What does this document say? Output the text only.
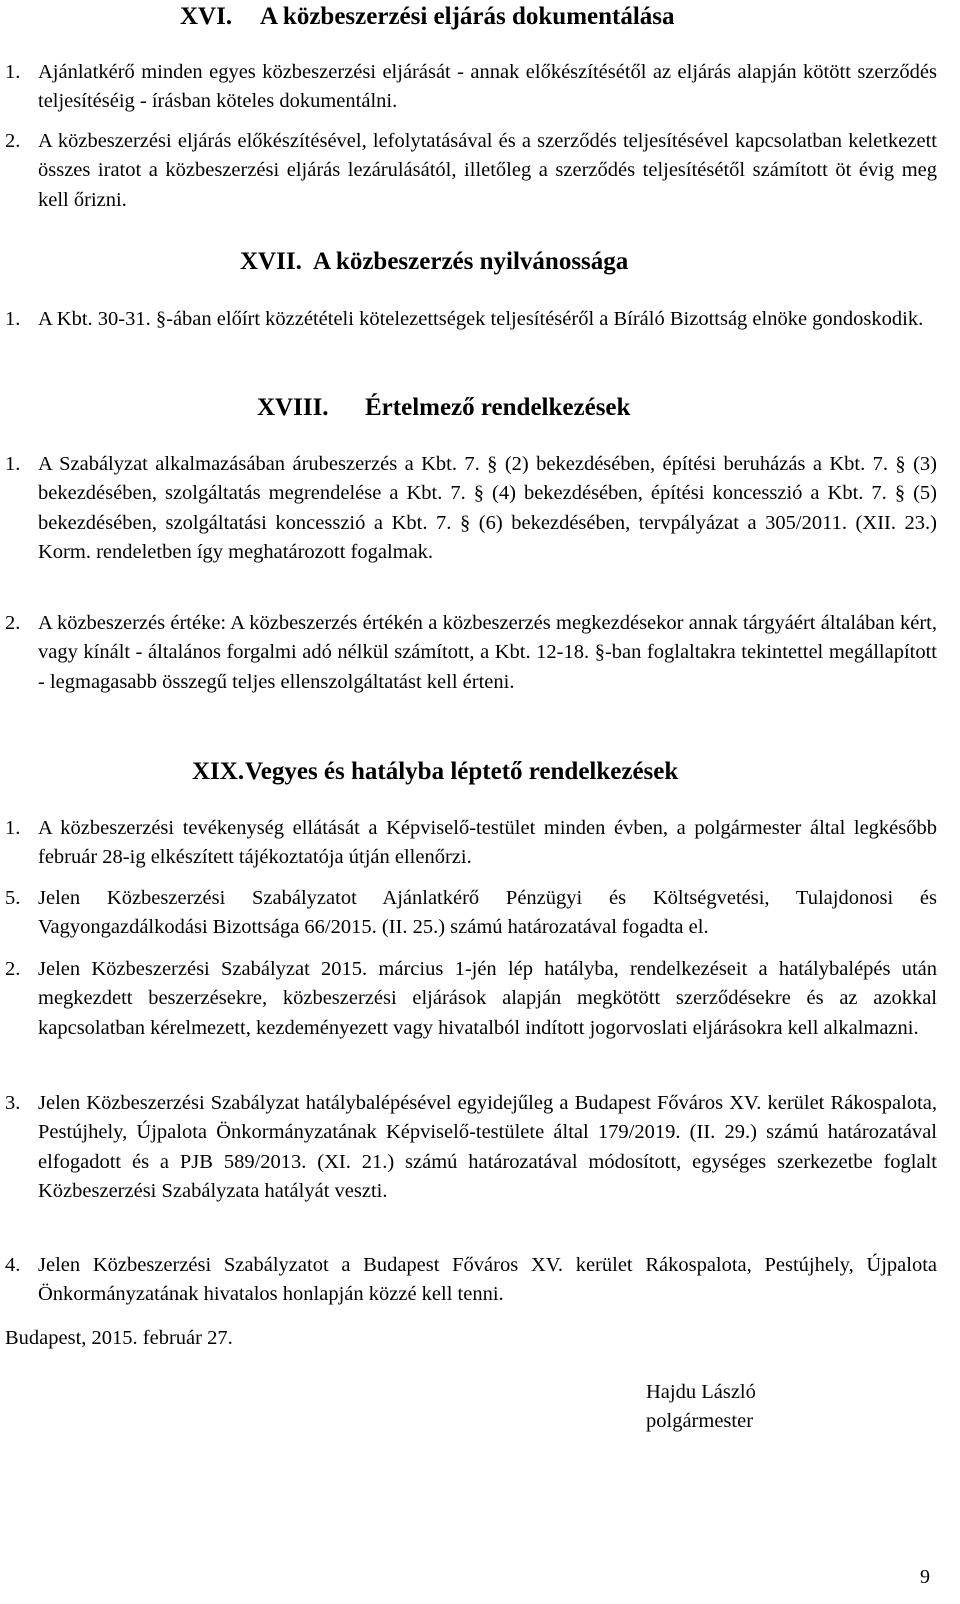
XVI. A közbeszerzési eljárás dokumentálása
1. Ajánlatkérő minden egyes közbeszerzési eljárását - annak előkészítésétől az eljárás alapján kötött szerződés teljesítéséig - írásban köteles dokumentálni.
2. A közbeszerzési eljárás előkészítésével, lefolytatásával és a szerződés teljesítésével kapcsolatban keletkezett összes iratot a közbeszerzési eljárás lezárulásától, illetőleg a szerződés teljesítésétől számított öt évig meg kell őrizni.
XVII. A közbeszerzés nyilvánossága
1. A Kbt. 30-31. §-ában előírt közzétételi kötelezettségek teljesítéséről a Bíráló Bizottság elnöke gondoskodik.
XVIII. Értelmező rendelkezések
1. A Szabályzat alkalmazásában árubeszerzés a Kbt. 7. § (2) bekezdésében, építési beruházás a Kbt. 7. § (3) bekezdésében, szolgáltatás megrendelése a Kbt. 7. § (4) bekezdésében, építési koncesszió a Kbt. 7. § (5) bekezdésében, szolgáltatási koncesszió a Kbt. 7. § (6) bekezdésében, tervpályázat a 305/2011. (XII. 23.) Korm. rendeletben így meghatározott fogalmak.
2. A közbeszerzés értéke: A közbeszerzés értékén a közbeszerzés megkezdésekor annak tárgyáért általában kért, vagy kínált - általános forgalmi adó nélkül számított, a Kbt. 12-18. §-ban foglaltakra tekintettel megállapított - legmagasabb összegű teljes ellenszolgáltatást kell érteni.
XIX.Vegyes és hatályba léptető rendelkezések
1. A közbeszerzési tevékenység ellátását a Képviselő-testület minden évben, a polgármester által legkésőbb február 28-ig elkészített tájékoztatója útján ellenőrzi.
5. Jelen Közbeszerzési Szabályzatot Ajánlatkérő Pénzügyi és Költségvetési, Tulajdonosi és Vagyongazdálkodási Bizottsága 66/2015. (II. 25.) számú határozatával fogadta el.
2. Jelen Közbeszerzési Szabályzat 2015. március 1-jén lép hatályba, rendelkezéseit a hatálybalépés után megkezdett beszerzésekre, közbeszerzési eljárások alapján megkötött szerződésekre és az azokkal kapcsolatban kérelmezett, kezdeményezett vagy hivatalból indított jogorvoslati eljárásokra kell alkalmazni.
3. Jelen Közbeszerzési Szabályzat hatálybalépésével egyidejűleg a Budapest Főváros XV. kerület Rákospalota, Pestújhely, Újpalota Önkormányzatának Képviselő-testülete által 179/2019. (II. 29.) számú határozatával elfogadott és a PJB 589/2013. (XI. 21.) számú határozatával módosított, egységes szerkezetbe foglalt Közbeszerzési Szabályzata hatályát veszti.
4. Jelen Közbeszerzési Szabályzatot a Budapest Főváros XV. kerület Rákospalota, Pestújhely, Újpalota Önkormányzatának hivatalos honlapján közzé kell tenni.
Budapest, 2015. február 27.
Hajdu László
polgármester
9
